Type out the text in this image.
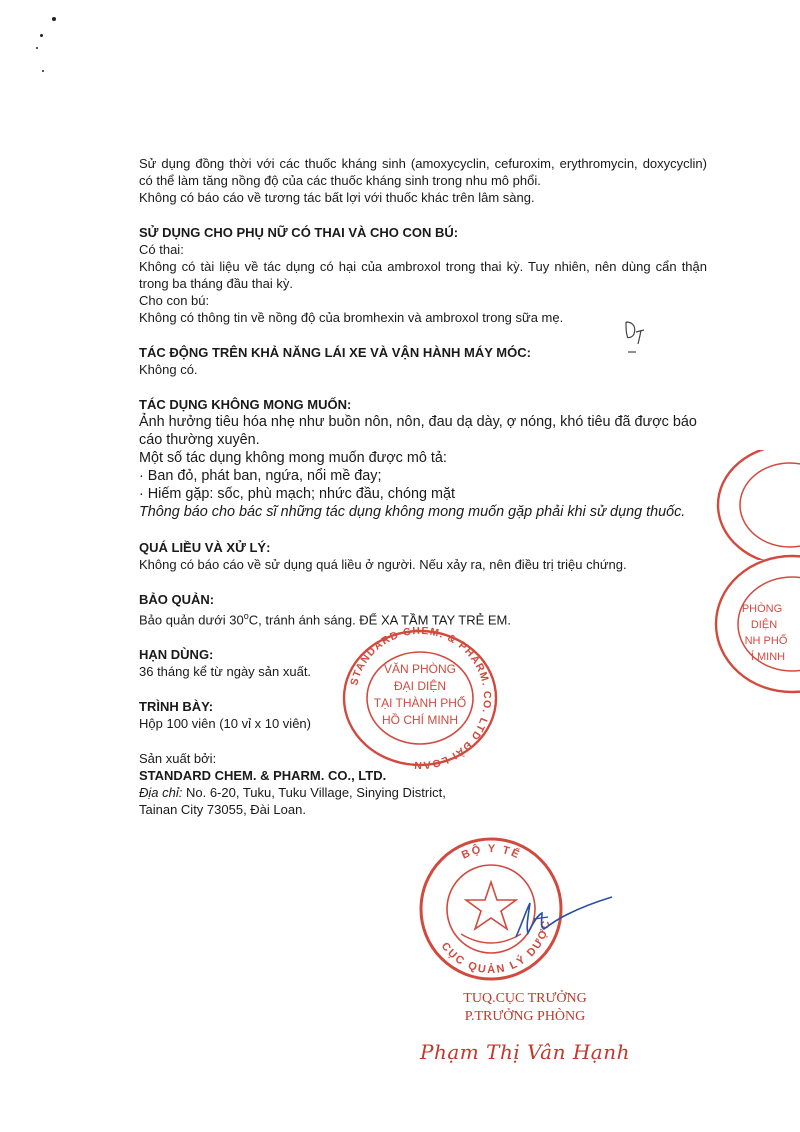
Sử dụng đồng thời với các thuốc kháng sinh (amoxycyclin, cefuroxim, erythromycin, doxycyclin) có thể làm tăng nồng độ của các thuốc kháng sinh trong nhu mô phổi.

Không có báo cáo về tương tác bất lợi với thuốc khác trên lâm sàng.

SỬ DỤNG CHO PHỤ NỮ CÓ THAI VÀ CHO CON BÚ:

Có thai:

Không có tài liệu về tác dụng có hại của ambroxol trong thai kỳ. Tuy nhiên, nên dùng cẩn thận trong ba tháng đầu thai kỳ.

Cho con bú:

Không có thông tin về nồng độ của bromhexin và ambroxol trong sữa mẹ.

TÁC ĐỘNG TRÊN KHẢ NĂNG LÁI XE VÀ VẬN HÀNH MÁY MÓC:

Không có.

TÁC DỤNG KHÔNG MONG MUỐN:

Ảnh hưởng tiêu hóa nhẹ như buồn nôn, nôn, đau dạ dày, ợ nóng, khó tiêu đã được báo cáo thường xuyên.

Một số tác dụng không mong muốn được mô tả:

· Ban đỏ, phát ban, ngứa, nổi mề đay;

· Hiếm gặp: sốc, phù mạch; nhức đầu, chóng mặt

Thông báo cho bác sĩ những tác dụng không mong muốn gặp phải khi sử dụng thuốc.

QUÁ LIỀU VÀ XỬ LÝ:

Không có báo cáo về sử dụng quá liều ở người. Nếu xảy ra, nên điều trị triệu chứng.

BẢO QUẢN:

Bảo quản dưới 30$^o$C, tránh ánh sáng. ĐỂ XA TẦM TAY TRẺ EM.

HẠN DÙNG:

36 tháng kể từ ngày sản xuất.

TRÌNH BÀY:

Hộp 100 viên (10 vỉ x 10 viên)

Sản xuất bởi:

STANDARD CHEM. & PHARM. CO., LTD.

Địa chỉ: No. 6-20, Tuku, Tuku Village, Sinying District,

Tainan City 73055, Đài Loan.

STANDARD CHEM. & PHARM. CO. LTD ĐÀI LOAN
VĂN PHÒNG
ĐẠI DIỆN
TẠI THÀNH PHỐ
HỒ CHÍ MINH
PHÒNG
DIỆN
NH PHỐ
Í MINH
BỘ Y TẾ
CỤC QUẢN LÝ DƯỢC

TUQ.CỤC TRƯỞNG

P.TRƯỞNG PHÒNG

Phạm Thị Vân Hạnh
